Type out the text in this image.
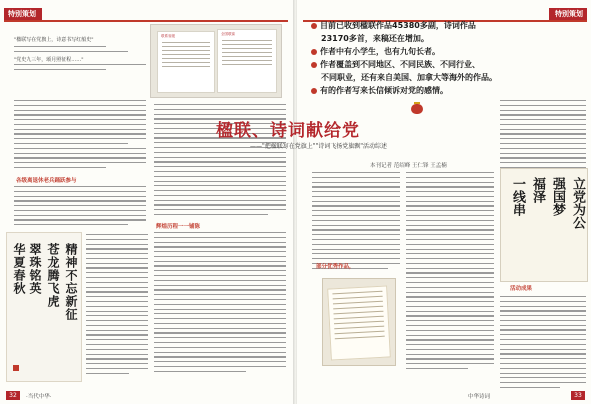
特别策划
"楹联写在党旗上，诗意书写红船史"
"党史九三年，颂月照征程……"
联系省级	全国联赛
各级离退休老兵踊跃参与
精神不忘新征
苍龙腾飞虎
翠珠铭英
华夏春秋
辉煌历程一一铺陈
32	·当代中华·
特别策划
目前已收到楹联作品45380多副，诗词作品
23170多首，来稿还在增加。
作者中有小学生，也有九旬长者。
作者覆盖到不同地区、不同民族、不同行业、
不同职业，还有来自美国、加拿大等海外的作品。
有的作者写来长信倾诉对党的感情。
楹联、诗词献给党
——"把楹联写在党旗上""诗词飞扬党旗飘"活动综述
本刊记者 范绍峰 王仁锋 王孟楠
部分优秀作品，
立党为公
强国梦
福泽
一线串
活动成果
中华诗词	33
